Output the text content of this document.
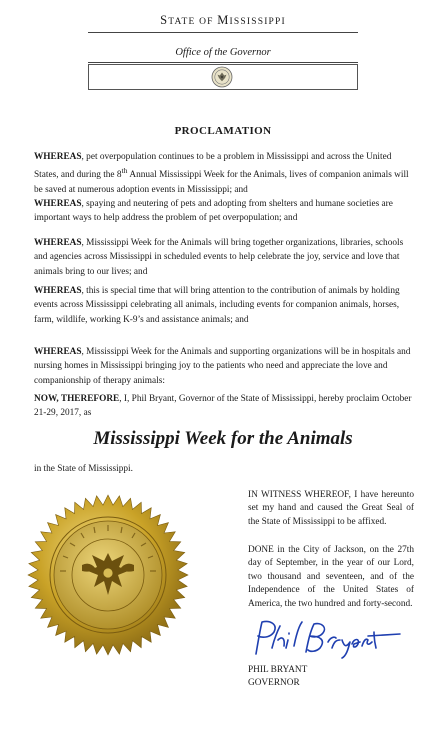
STATE OF MISSISSIPPI
Office of the Governor
PROCLAMATION

WHEREAS, pet overpopulation continues to be a problem in Mississippi and across the United States, and during the 8th Annual Mississippi Week for the Animals, lives of companion animals will be saved at numerous adoption events in Mississippi; and

WHEREAS, spaying and neutering of pets and adopting from shelters and humane societies are important ways to help address the problem of pet overpopulation; and

WHEREAS, Mississippi Week for the Animals will bring together organizations, libraries, schools and agencies across Mississippi in scheduled events to help celebrate the joy, service and love that animals bring to our lives; and

WHEREAS, this is special time that will bring attention to the contribution of animals by holding events across Mississippi celebrating all animals, including events for companion animals, horses, farm, wildlife, working K-9’s and assistance animals; and

WHEREAS, Mississippi Week for the Animals and supporting organizations will be in hospitals and nursing homes in Mississippi bringing joy to the patients who need and appreciate the love and companionship of therapy animals:

NOW, THEREFORE, I, Phil Bryant, Governor of the State of Mississippi, hereby proclaim October 21-29, 2017, as

Mississippi Week for the Animals
in the State of Mississippi.

IN WITNESS WHEREOF, I have hereunto set my hand and caused the Great Seal of the State of Mississippi to be affixed.

DONE in the City of Jackson, on the 27th day of September, in the year of our Lord, two thousand and seventeen, and of the Independence of the United States of America, the two hundred and forty-second.

PHIL BRYANT
GOVERNOR
